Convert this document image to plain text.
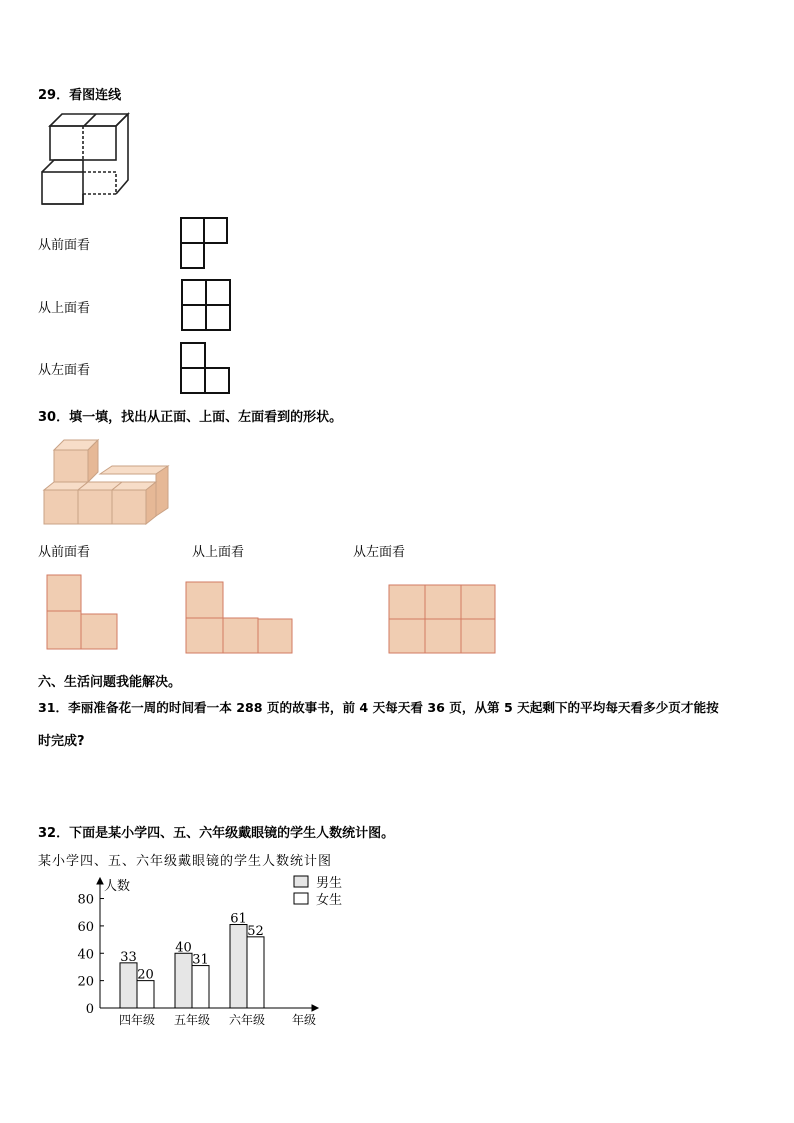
29．看图连线
从前面看
从上面看
从左面看
30．填一填，找出从正面、上面、左面看到的形状。
从前面看	从上面看	从左面看
六、生活问题我能解决。
31．李丽准备花一周的时间看一本 288 页的故事书，前 4 天每天看 36 页，从第 5 天起剩下的平均每天看多少页才能按
时完成?
32．下面是某小学四、五、六年级戴眼镜的学生人数统计图。
某小学四、五、六年级戴眼镜的学生人数统计图
0
20
40
60
80
人数
33
20
四年级
40
31
五年级
61
52
六年级 年级
男生
女生
